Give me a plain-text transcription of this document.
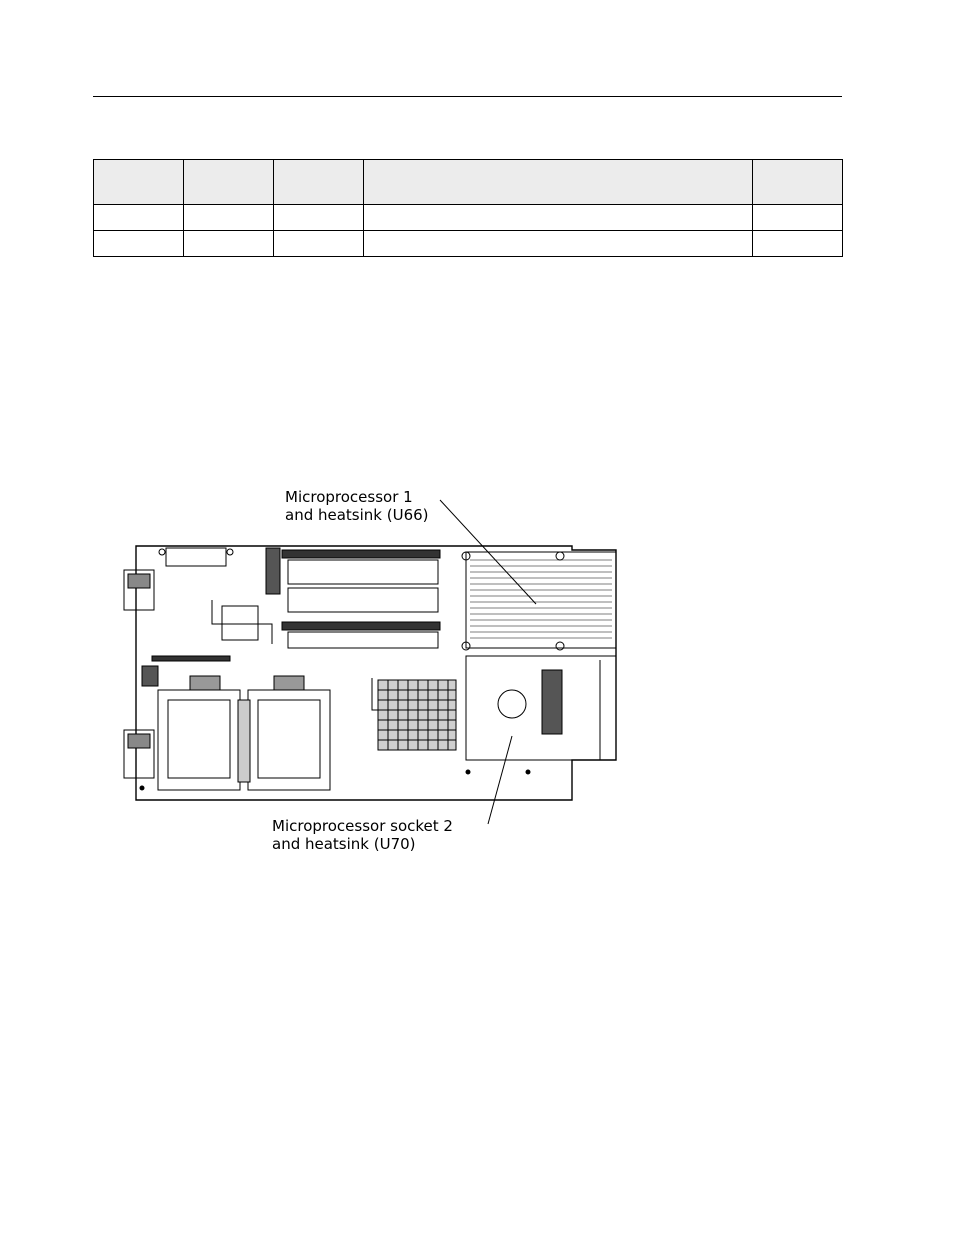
Microprocessor 1
and heatsink (U66)
Microprocessor socket 2
and heatsink (U70)
